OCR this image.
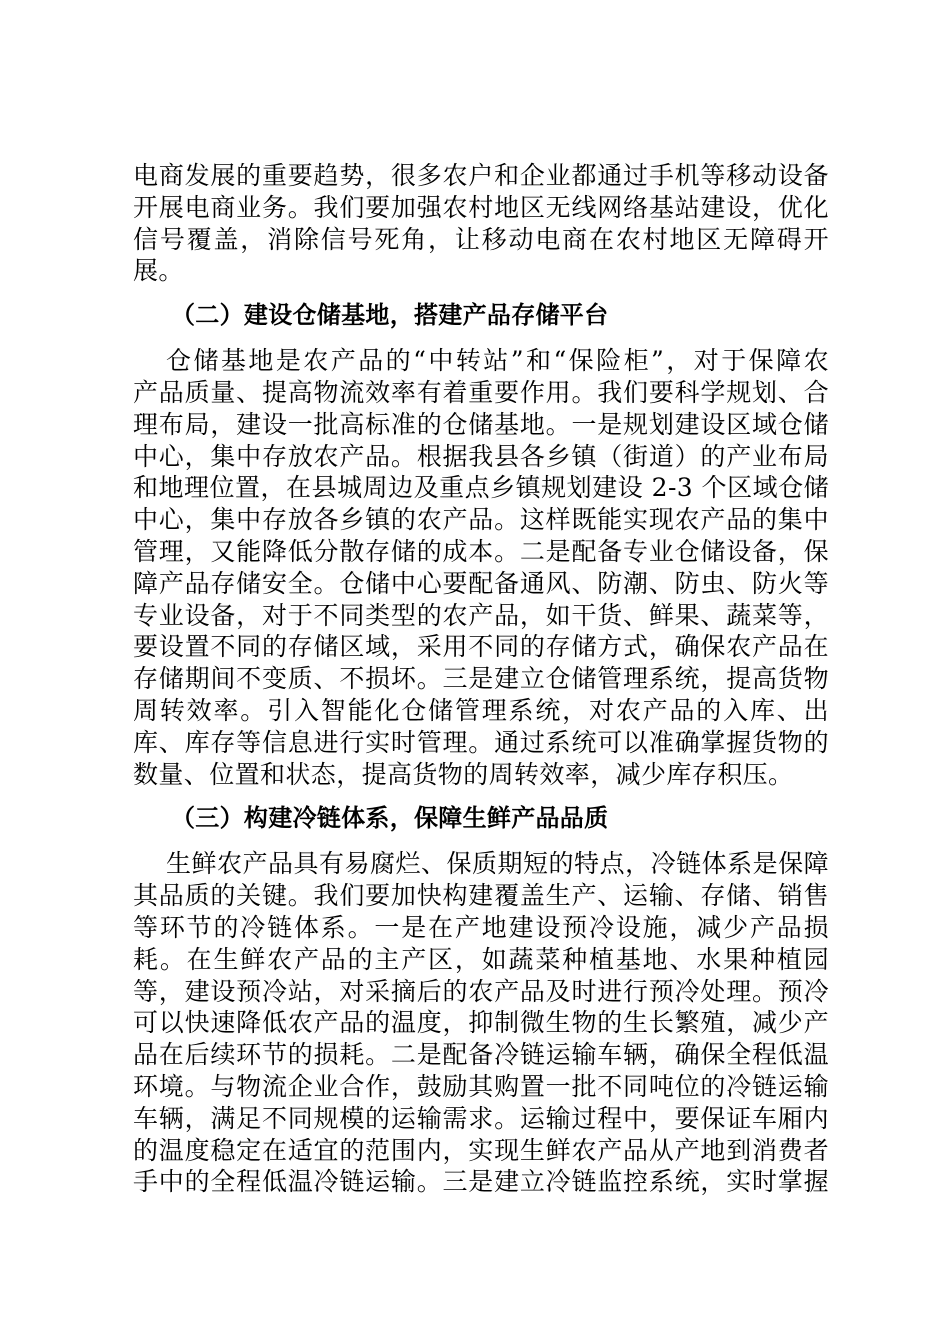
电商发展的重要趋势，很多农户和企业都通过手机等移动设备
开展电商业务。我们要加强农村地区无线网络基站建设，优化
信号覆盖，消除信号死角，让移动电商在农村地区无障碍开
展。
（二）建设仓储基地，搭建产品存储平台
仓储基地是农产品的“中转站”和“保险柜”，对于保障农
产品质量、提高物流效率有着重要作用。我们要科学规划、合
理布局，建设一批高标准的仓储基地。一是规划建设区域仓储
中心，集中存放农产品。根据我县各乡镇（街道）的产业布局
和地理位置，在县城周边及重点乡镇规划建设 2-3 个区域仓储
中心，集中存放各乡镇的农产品。这样既能实现农产品的集中
管理，又能降低分散存储的成本。二是配备专业仓储设备，保
障产品存储安全。仓储中心要配备通风、防潮、防虫、防火等
专业设备，对于不同类型的农产品，如干货、鲜果、蔬菜等，
要设置不同的存储区域，采用不同的存储方式，确保农产品在
存储期间不变质、不损坏。三是建立仓储管理系统，提高货物
周转效率。引入智能化仓储管理系统，对农产品的入库、出
库、库存等信息进行实时管理。通过系统可以准确掌握货物的
数量、位置和状态，提高货物的周转效率，减少库存积压。
（三）构建冷链体系，保障生鲜产品品质
生鲜农产品具有易腐烂、保质期短的特点，冷链体系是保障
其品质的关键。我们要加快构建覆盖生产、运输、存储、销售
等环节的冷链体系。一是在产地建设预冷设施，减少产品损
耗。在生鲜农产品的主产区，如蔬菜种植基地、水果种植园
等，建设预冷站，对采摘后的农产品及时进行预冷处理。预冷
可以快速降低农产品的温度，抑制微生物的生长繁殖，减少产
品在后续环节的损耗。二是配备冷链运输车辆，确保全程低温
环境。与物流企业合作，鼓励其购置一批不同吨位的冷链运输
车辆，满足不同规模的运输需求。运输过程中，要保证车厢内
的温度稳定在适宜的范围内，实现生鲜农产品从产地到消费者
手中的全程低温冷链运输。三是建立冷链监控系统，实时掌握
